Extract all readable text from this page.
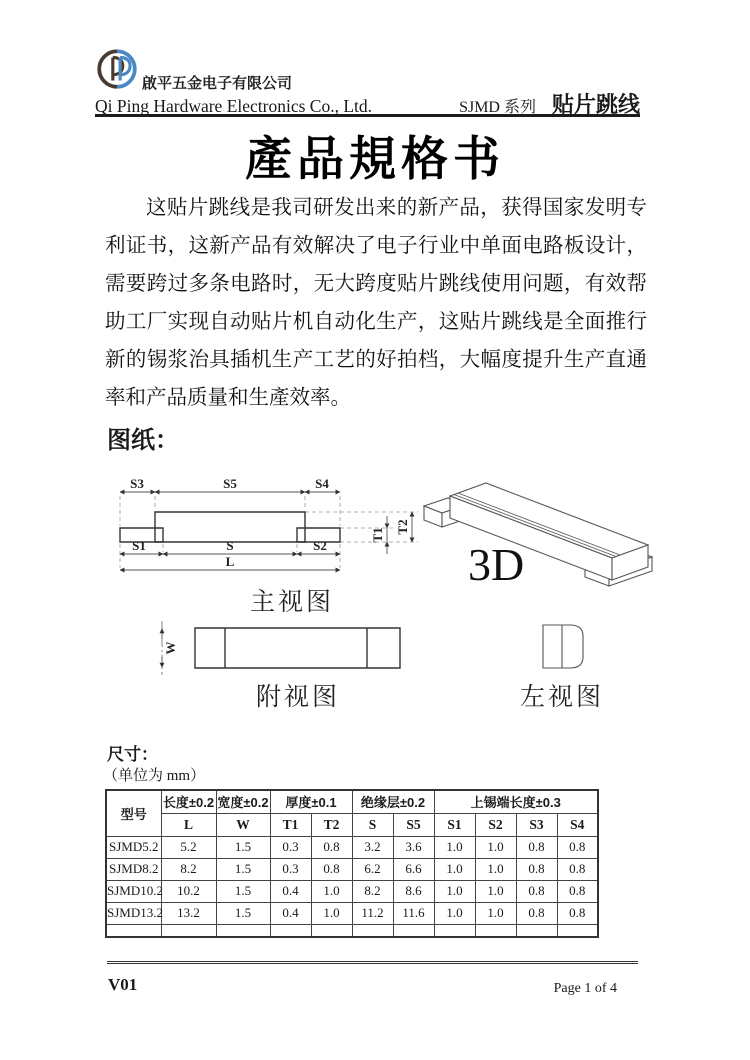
啟平五金电子有限公司
Qi Ping Hardware Electronics Co., Ltd.	SJMD 系列 贴片跳线
產品規格书
这贴片跳线是我司研发出来的新产品，获得国家发明专利证书，这新产品有效解决了电子行业中单面电路板设计，需要跨过多条电路时，无大跨度贴片跳线使用问题，有效帮助工厂实现自动贴片机自动化生产，这贴片跳线是全面推行新的锡浆治具插机生产工艺的好拍档，大幅度提升生产直通率和产品质量和生產效率。
图纸：
S3	S5	S4
S1	S	S2
L
T1
T2
主视图
3D
W
附视图	左视图
尺寸：
（单位为 mm）
型号	长度±0.2	宽度±0.2	厚度±0.1		绝缘层±0.2		上锡端长度±0.3			
	L	W	T1	T2	S	S5	S1	S2	S3	S4
SJMD5.2	5.2	1.5	0.3	0.8	3.2	3.6	1.0	1.0	0.8	0.8
SJMD8.2	8.2	1.5	0.3	0.8	6.2	6.6	1.0	1.0	0.8	0.8
SJMD10.2	10.2	1.5	0.4	1.0	8.2	8.6	1.0	1.0	0.8	0.8
SJMD13.2	13.2	1.5	0.4	1.0	11.2	11.6	1.0	1.0	0.8	0.8

V01	Page 1 of 4
